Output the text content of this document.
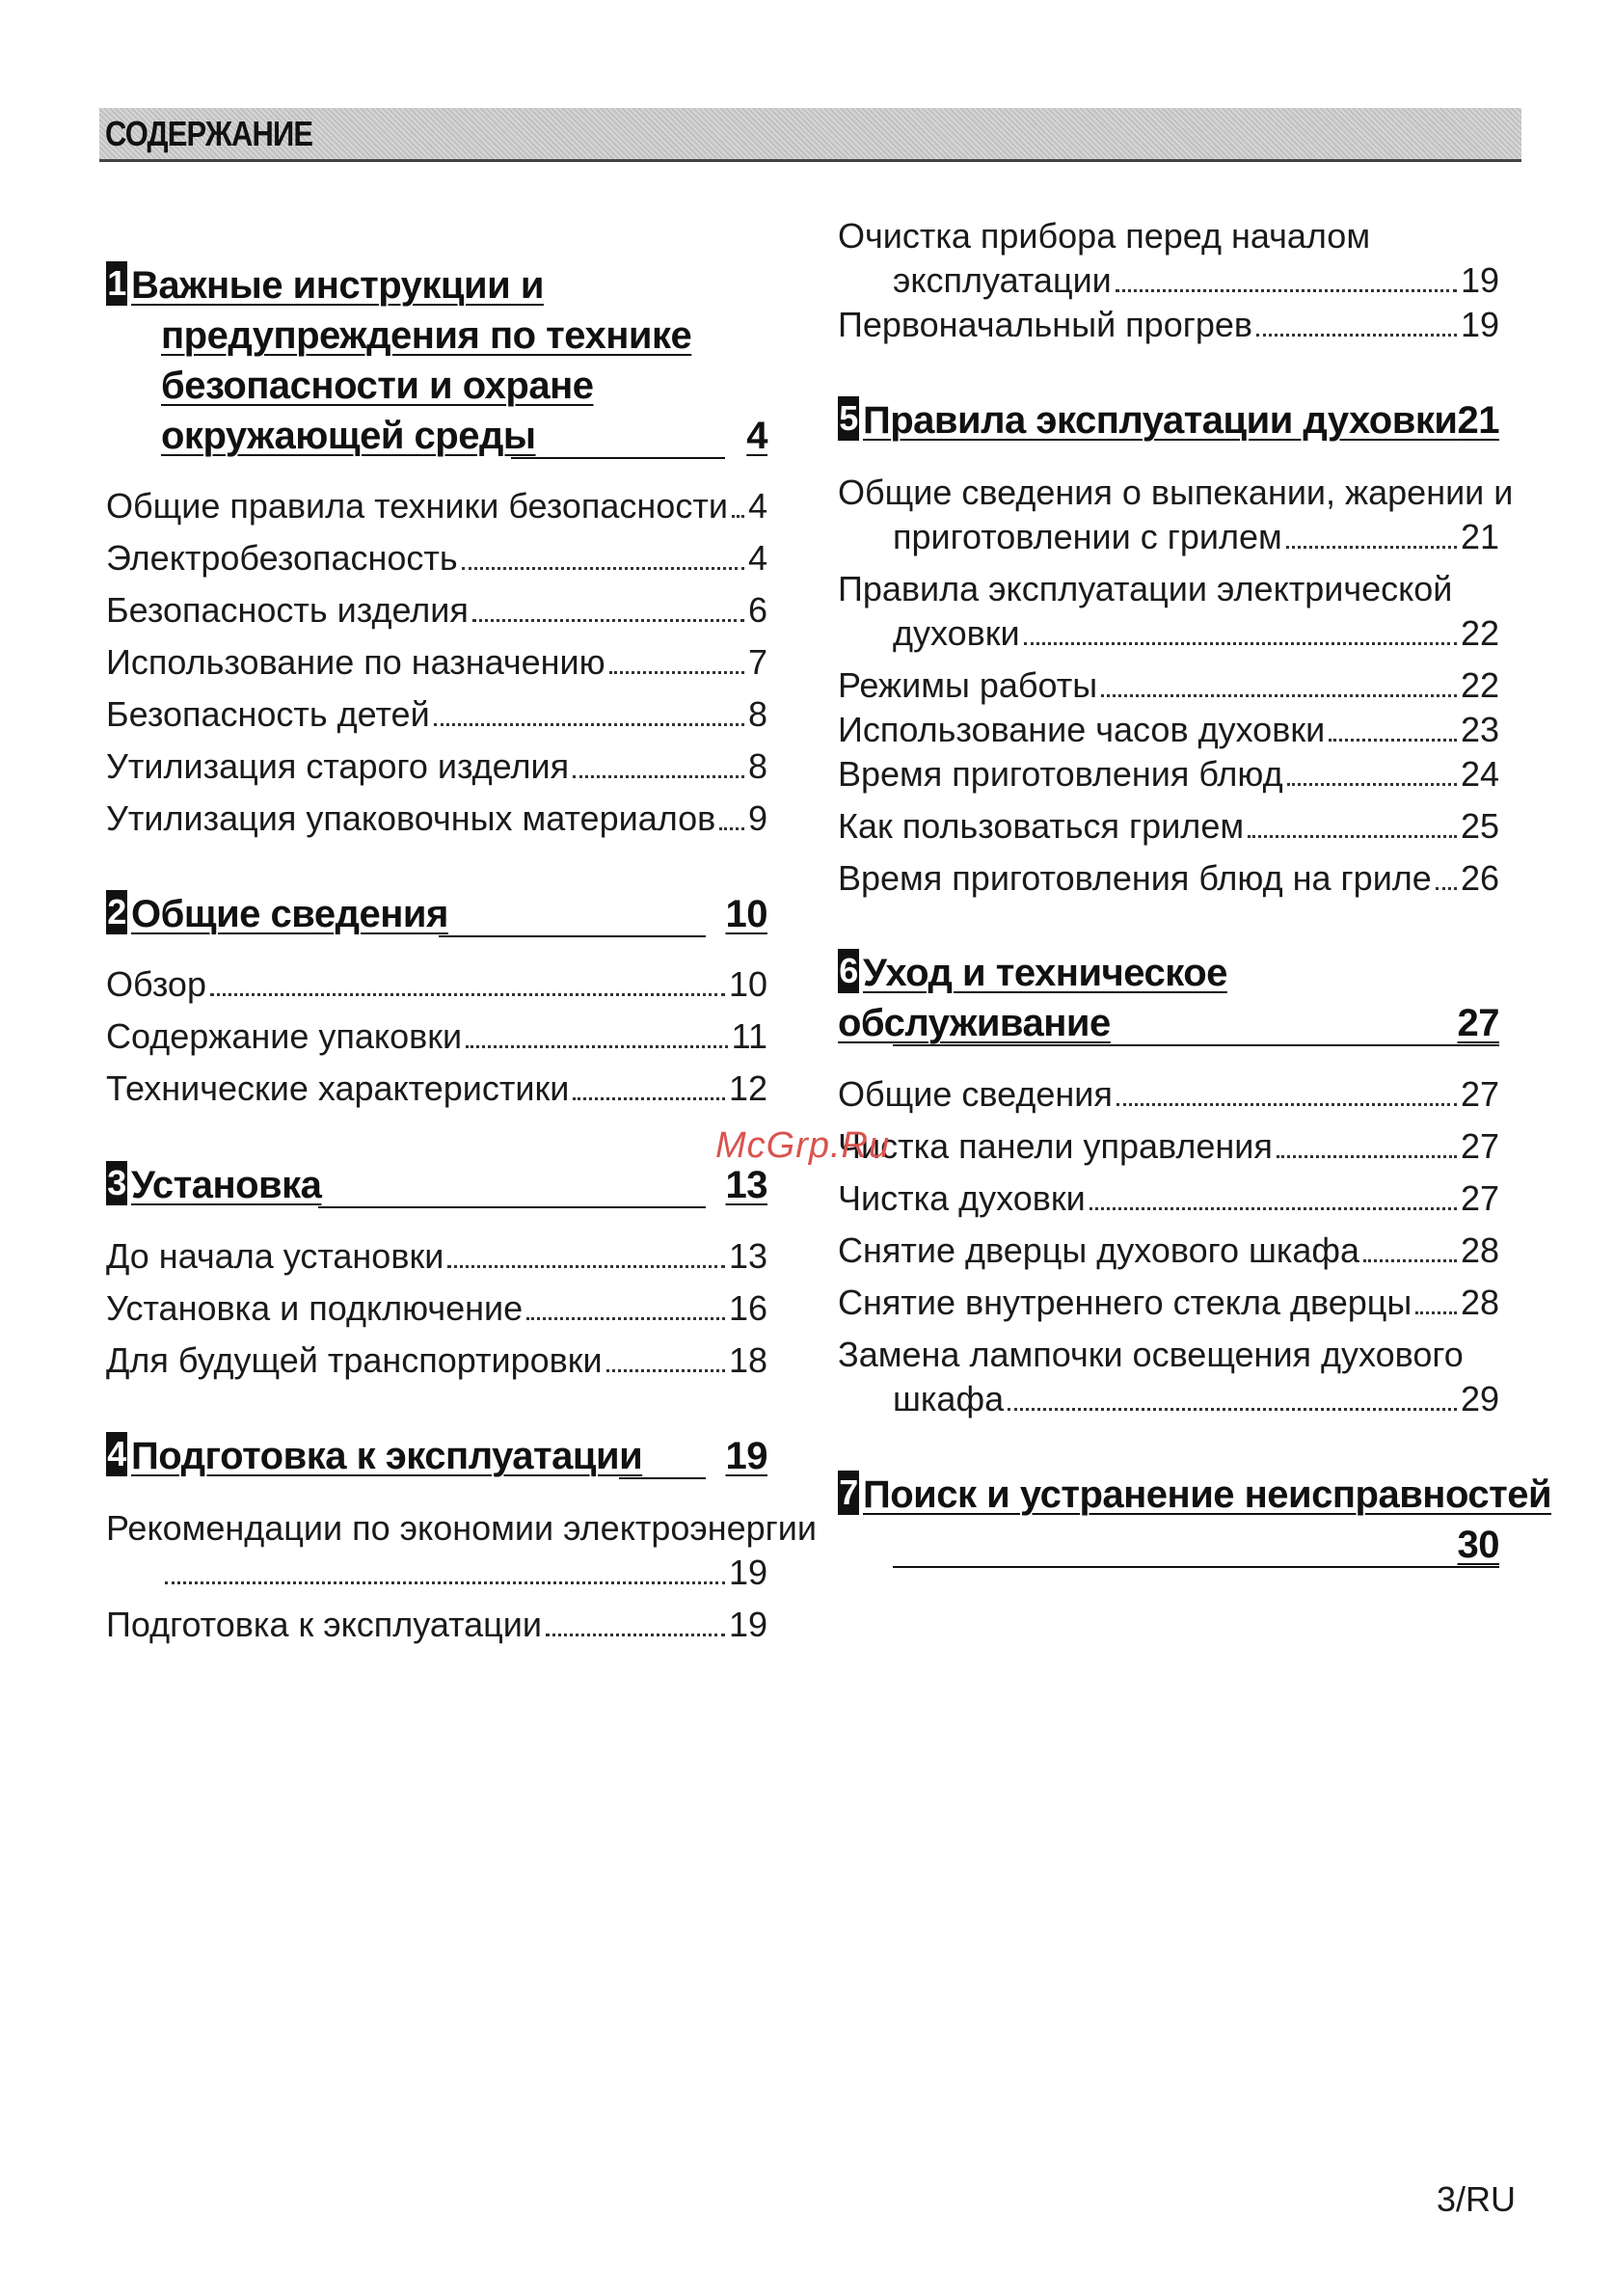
СОДЕРЖАНИЕ
1 Важные инструкции и
предупреждения по технике
безопасности и охране
окружающей среды	4
Общие правила техники безопасности 4
Электробезопасность	4
Безопасность изделия	6
Использование по назначению	7
Безопасность детей	8
Утилизация старого изделия	8
Утилизация упаковочных материалов 9
2 Общие сведения	10
Обзор	10
Содержание упаковки	11
Технические характеристики	12
3 Установка	13
До начала установки	13
Установка и подключение	16
Для будущей транспортировки	18
4 Подготовка к эксплуатации 19
Рекомендации по экономии электроэнергии
19
Подготовка к эксплуатации	19
Очистка прибора перед началом
эксплуатации	19
Первоначальный прогрев	19
5 Правила эксплуатации духовки 21
Общие сведения о выпекании, жарении и
приготовлении с грилем	21
Правила эксплуатации электрической
духовки	22
Режимы работы	22
Использование часов духовки	23
Время приготовления блюд	24
Как пользоваться грилем	25
Время приготовления блюд на гриле 26
6 Уход и техническое обслуживание	27
Общие сведения	27
Чистка панели управления	27
Чистка духовки	27
Снятие дверцы духового шкафа	28
Снятие внутреннего стекла дверцы 28
Замена лампочки освещения духового
шкафа	29
7 Поиск и устранение неисправностей
30
McGrp.Ru
3/RU
